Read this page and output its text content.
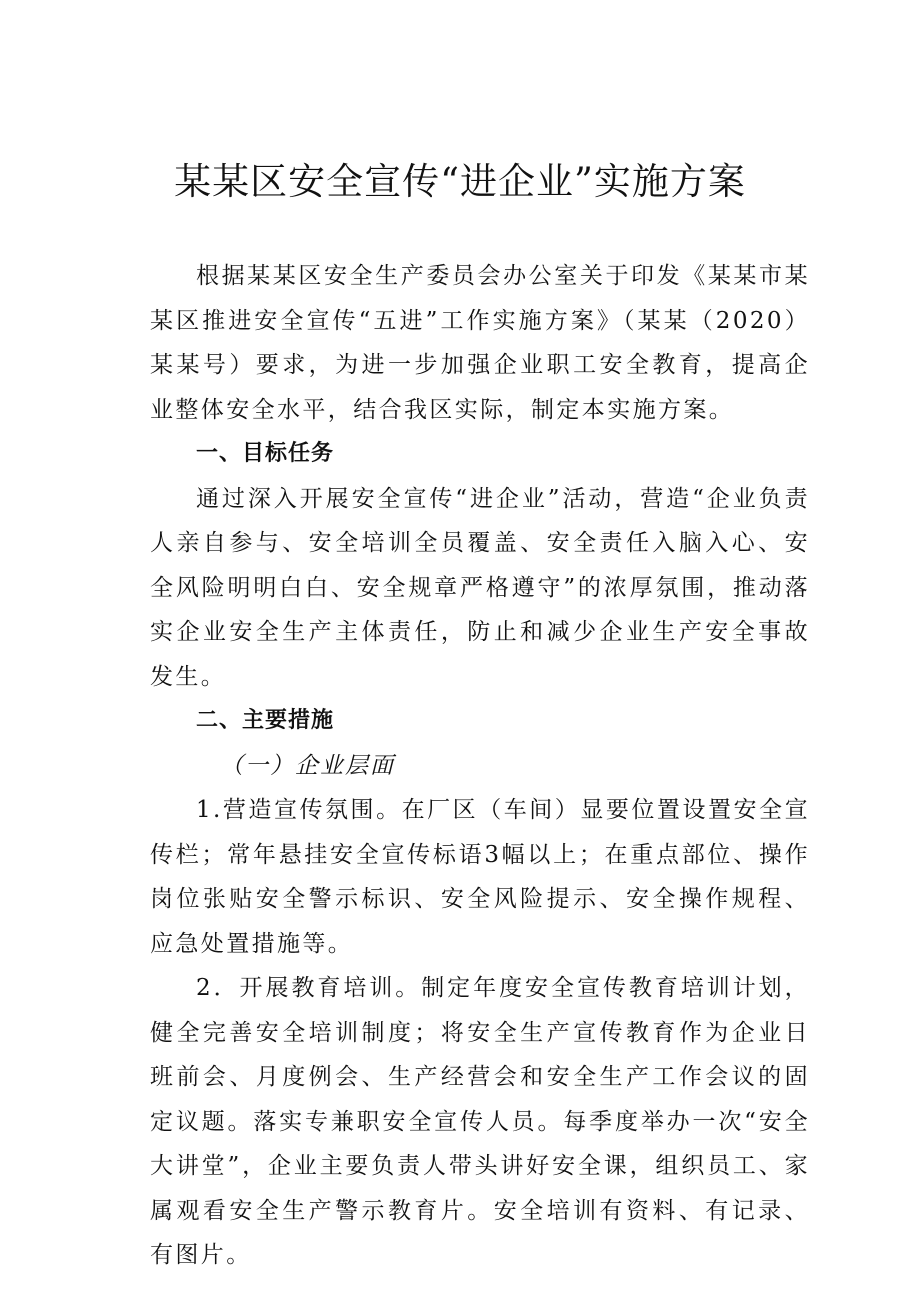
某某区安全宣传“进企业”实施方案

根据某某区安全生产委员会办公室关于印发《某某市某某区推进安全宣传“五进”工作实施方案》（某某（2020）某某号）要求，为进一步加强企业职工安全教育，提高企业整体安全水平，结合我区实际，制定本实施方案。

一、目标任务

通过深入开展安全宣传“进企业”活动，营造“企业负责人亲自参与、安全培训全员覆盖、安全责任入脑入心、安全风险明明白白、安全规章严格遵守”的浓厚氛围，推动落实企业安全生产主体责任，防止和减少企业生产安全事故发生。

二、主要措施

（一）企业层面

1.营造宣传氛围。在厂区（车间）显要位置设置安全宣传栏；常年悬挂安全宣传标语3幅以上；在重点部位、操作岗位张贴安全警示标识、安全风险提示、安全操作规程、应急处置措施等。

2．开展教育培训。制定年度安全宣传教育培训计划，健全完善安全培训制度；将安全生产宣传教育作为企业日班前会、月度例会、生产经营会和安全生产工作会议的固定议题。落实专兼职安全宣传人员。每季度举办一次“安全大讲堂”，企业主要负责人带头讲好安全课，组织员工、家属观看安全生产警示教育片。安全培训有资料、有记录、有图片。
